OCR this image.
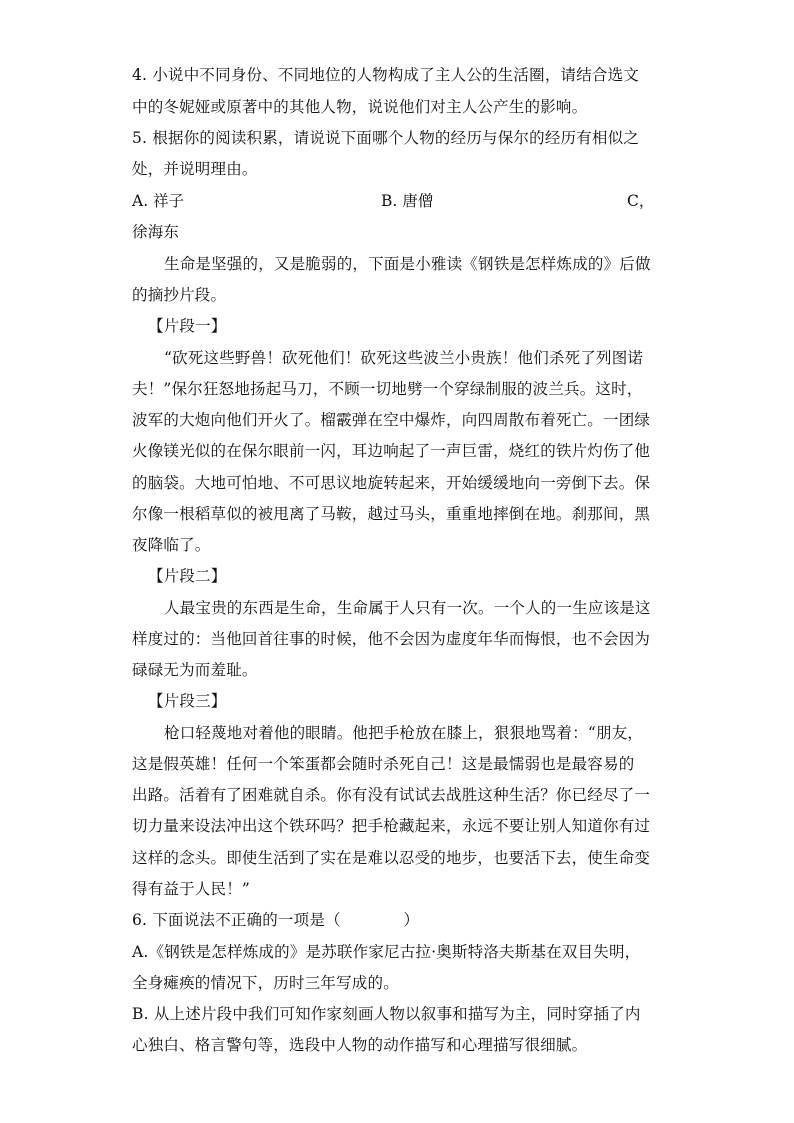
4. 小说中不同身份、不同地位的人物构成了主人公的生活圈，请结合选文
中的冬妮娅或原著中的其他人物，说说他们对主人公产生的影响。
5. 根据你的阅读积累，请说说下面哪个人物的经历与保尔的经历有相似之
处，并说明理由。
A. 祥子	B. 唐僧	C，
徐海东
生命是坚强的，又是脆弱的，下面是小雅读《钢铁是怎样炼成的》后做
的摘抄片段。
【片段一】
“砍死这些野兽！砍死他们！砍死这些波兰小贵族！他们杀死了列图诺
夫！”保尔狂怒地扬起马刀，不顾一切地劈一个穿绿制服的波兰兵。这时，
波军的大炮向他们开火了。榴霰弹在空中爆炸，向四周散布着死亡。一团绿
火像镁光似的在保尔眼前一闪，耳边响起了一声巨雷，烧红的铁片灼伤了他
的脑袋。大地可怕地、不可思议地旋转起来，开始缓缓地向一旁倒下去。保
尔像一根稻草似的被甩离了马鞍，越过马头，重重地摔倒在地。刹那间，黑
夜降临了。
【片段二】
人最宝贵的东西是生命，生命属于人只有一次。一个人的一生应该是这
样度过的：当他回首往事的时候，他不会因为虚度年华而悔恨，也不会因为
碌碌无为而羞耻。
【片段三】
枪口轻蔑地对着他的眼睛。他把手枪放在膝上，狠狠地骂着：“朋友，
这是假英雄！任何一个笨蛋都会随时杀死自己！这是最懦弱也是最容易的
出路。活着有了困难就自杀。你有没有试试去战胜这种生活？你已经尽了一
切力量来设法冲出这个铁环吗？把手枪藏起来，永远不要让别人知道你有过
这样的念头。即使生活到了实在是难以忍受的地步，也要活下去，使生命变
得有益于人民！”
6. 下面说法不正确的一项是（　　　　）
A.《钢铁是怎样炼成的》是苏联作家尼古拉·奥斯特洛夫斯基在双目失明，
全身瘫痪的情况下，历时三年写成的。
B. 从上述片段中我们可知作家刻画人物以叙事和描写为主，同时穿插了内
心独白、格言警句等，选段中人物的动作描写和心理描写很细腻。
